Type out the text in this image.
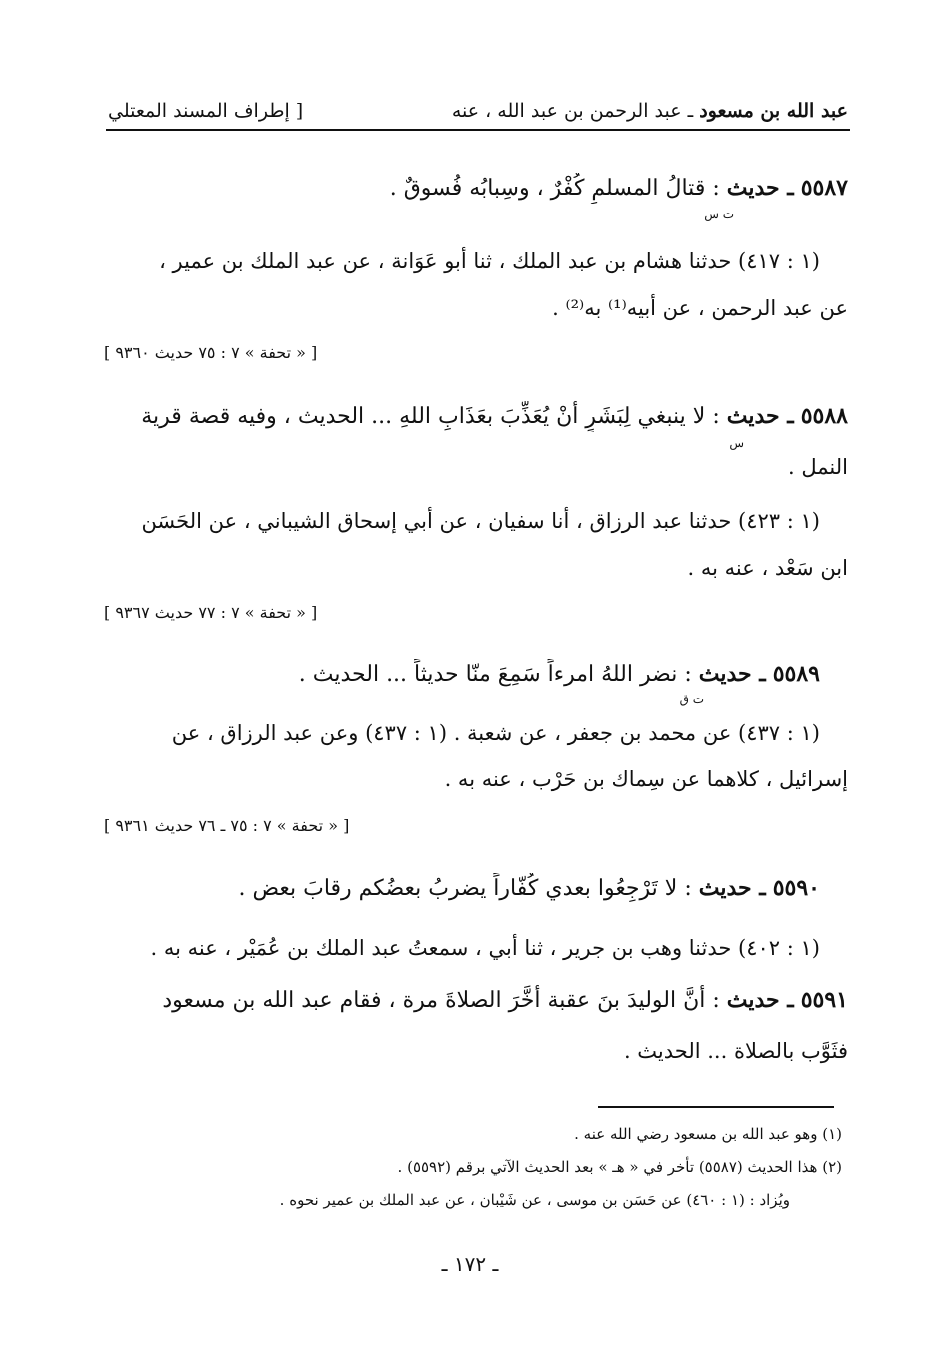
عبد الله بن مسعود ـ عبد الرحمن بن عبد الله ، عنه
[ إطراف المسند المعتلي
٥٥٨٧ ـ حديث : قتالُ المسلمِ كُفْرٌ ، وسِبابُه فُسوقٌ .
ت س
(١ : ٤١٧) حدثنا هشام بن عبد الملك ، ثنا أبو عَوَانة ، عن عبد الملك بن عمير ،
عن عبد الرحمن ، عن أبيه⁽¹⁾ به⁽²⁾ .
[ « تحفة » ٧ : ٧٥ حديث ٩٣٦٠ ]
٥٥٨٨ ـ حديث : لا ينبغي لِبَشَرٍ أنْ يُعَذِّبَ بعَذَابِ اللهِ ... الحديث ، وفيه قصة قرية
س
النمل .
(١ : ٤٢٣) حدثنا عبد الرزاق ، أنا سفيان ، عن أبي إسحاق الشيباني ، عن الحَسَن
ابن سَعْد ، عنه به .
[ « تحفة » ٧ : ٧٧ حديث ٩٣٦٧ ]
٥٥٨٩ ـ حديث : نضر اللهُ امرءاً سَمِعَ منّا حديثاً ... الحديث .
ت ق
(١ : ٤٣٧) عن محمد بن جعفر ، عن شعبة . (١ : ٤٣٧) وعن عبد الرزاق ، عن
إسرائيل ، كلاهما عن سِماك بن حَرْب ، عنه به .
[ « تحفة » ٧ : ٧٥ ـ ٧٦ حديث ٩٣٦١ ]
٥٥٩٠ ـ حديث : لا تَرْجِعُوا بعدي كُفّاراً يضربُ بعضُكم رقابَ بعض .
(١ : ٤٠٢) حدثنا وهب بن جرير ، ثنا أبي ، سمعتُ عبد الملك بن عُمَيْر ، عنه به .
٥٥٩١ ـ حديث : أنَّ الوليدَ بنَ عقبة أَخَّرَ الصلاةَ مرة ، فقام عبد الله بن مسعود
فثَوَّب بالصلاة ... الحديث .
(١) وهو عبد الله بن مسعود رضي الله عنه .
(٢) هذا الحديث (٥٥٨٧) تأخر في « هـ » بعد الحديث الآتي برقم (٥٥٩٢) .
ويُزاد : (١ : ٤٦٠) عن حَسَن بن موسى ، عن شَيْبان ، عن عبد الملك بن عمير نحوه .
ـ ١٧٢ ـ
